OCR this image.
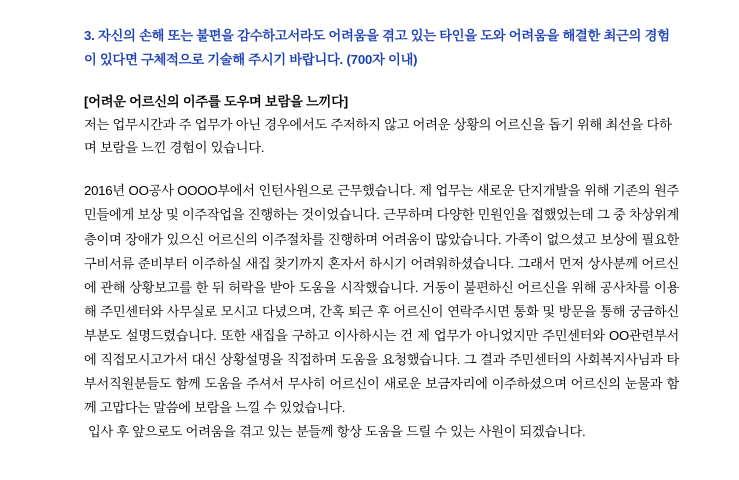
3. 자신의 손해 또는 불편을 감수하고서라도 어려움을 겪고 있는 타인을 도와 어려움을 해결한 최근의 경험이 있다면 구체적으로 기술해 주시기 바랍니다. (700자 이내)

[어려운 어르신의 이주를 도우며 보람을 느끼다]

저는 업무시간과 주 업무가 아닌 경우에서도 주저하지 않고 어려운 상황의 어르신을 돕기 위해 최선을 다하며 보람을 느낀 경험이 있습니다.

2016년 OO공사 OOOO부에서 인턴사원으로 근무했습니다. 제 업무는 새로운 단지개발을 위해 기존의 원주민들에게 보상 및 이주작업을 진행하는 것이었습니다. 근무하며 다양한 민원인을 접했었는데 그 중 차상위계층이며 장애가 있으신 어르신의 이주절차를 진행하며 어려움이 많았습니다. 가족이 없으셨고 보상에 필요한 구비서류 준비부터 이주하실 새집 찾기까지 혼자서 하시기 어려워하셨습니다. 그래서 먼저 상사분께 어르신에 관해 상황보고를 한 뒤 허락을 받아 도움을 시작했습니다. 거동이 불편하신 어르신을 위해 공사차를 이용해 주민센터와 사무실로 모시고 다녔으며, 간혹 퇴근 후 어르신이 연락주시면 통화 및 방문을 통해 궁금하신 부분도 설명드렸습니다. 또한 새집을 구하고 이사하시는 건 제 업무가 아니었지만 주민센터와 OO관련부서에 직접모시고가서 대신 상황설명을 직접하며 도움을 요청했습니다. 그 결과 주민센터의 사회복지사님과 타부서직원분들도 함께 도움을 주셔서 무사히 어르신이 새로운 보금자리에 이주하셨으며 어르신의 눈물과 함께 고맙다는 말씀에 보람을 느낄 수 있었습니다.

입사 후 앞으로도 어려움을 겪고 있는 분들께 항상 도움을 드릴 수 있는 사원이 되겠습니다.
